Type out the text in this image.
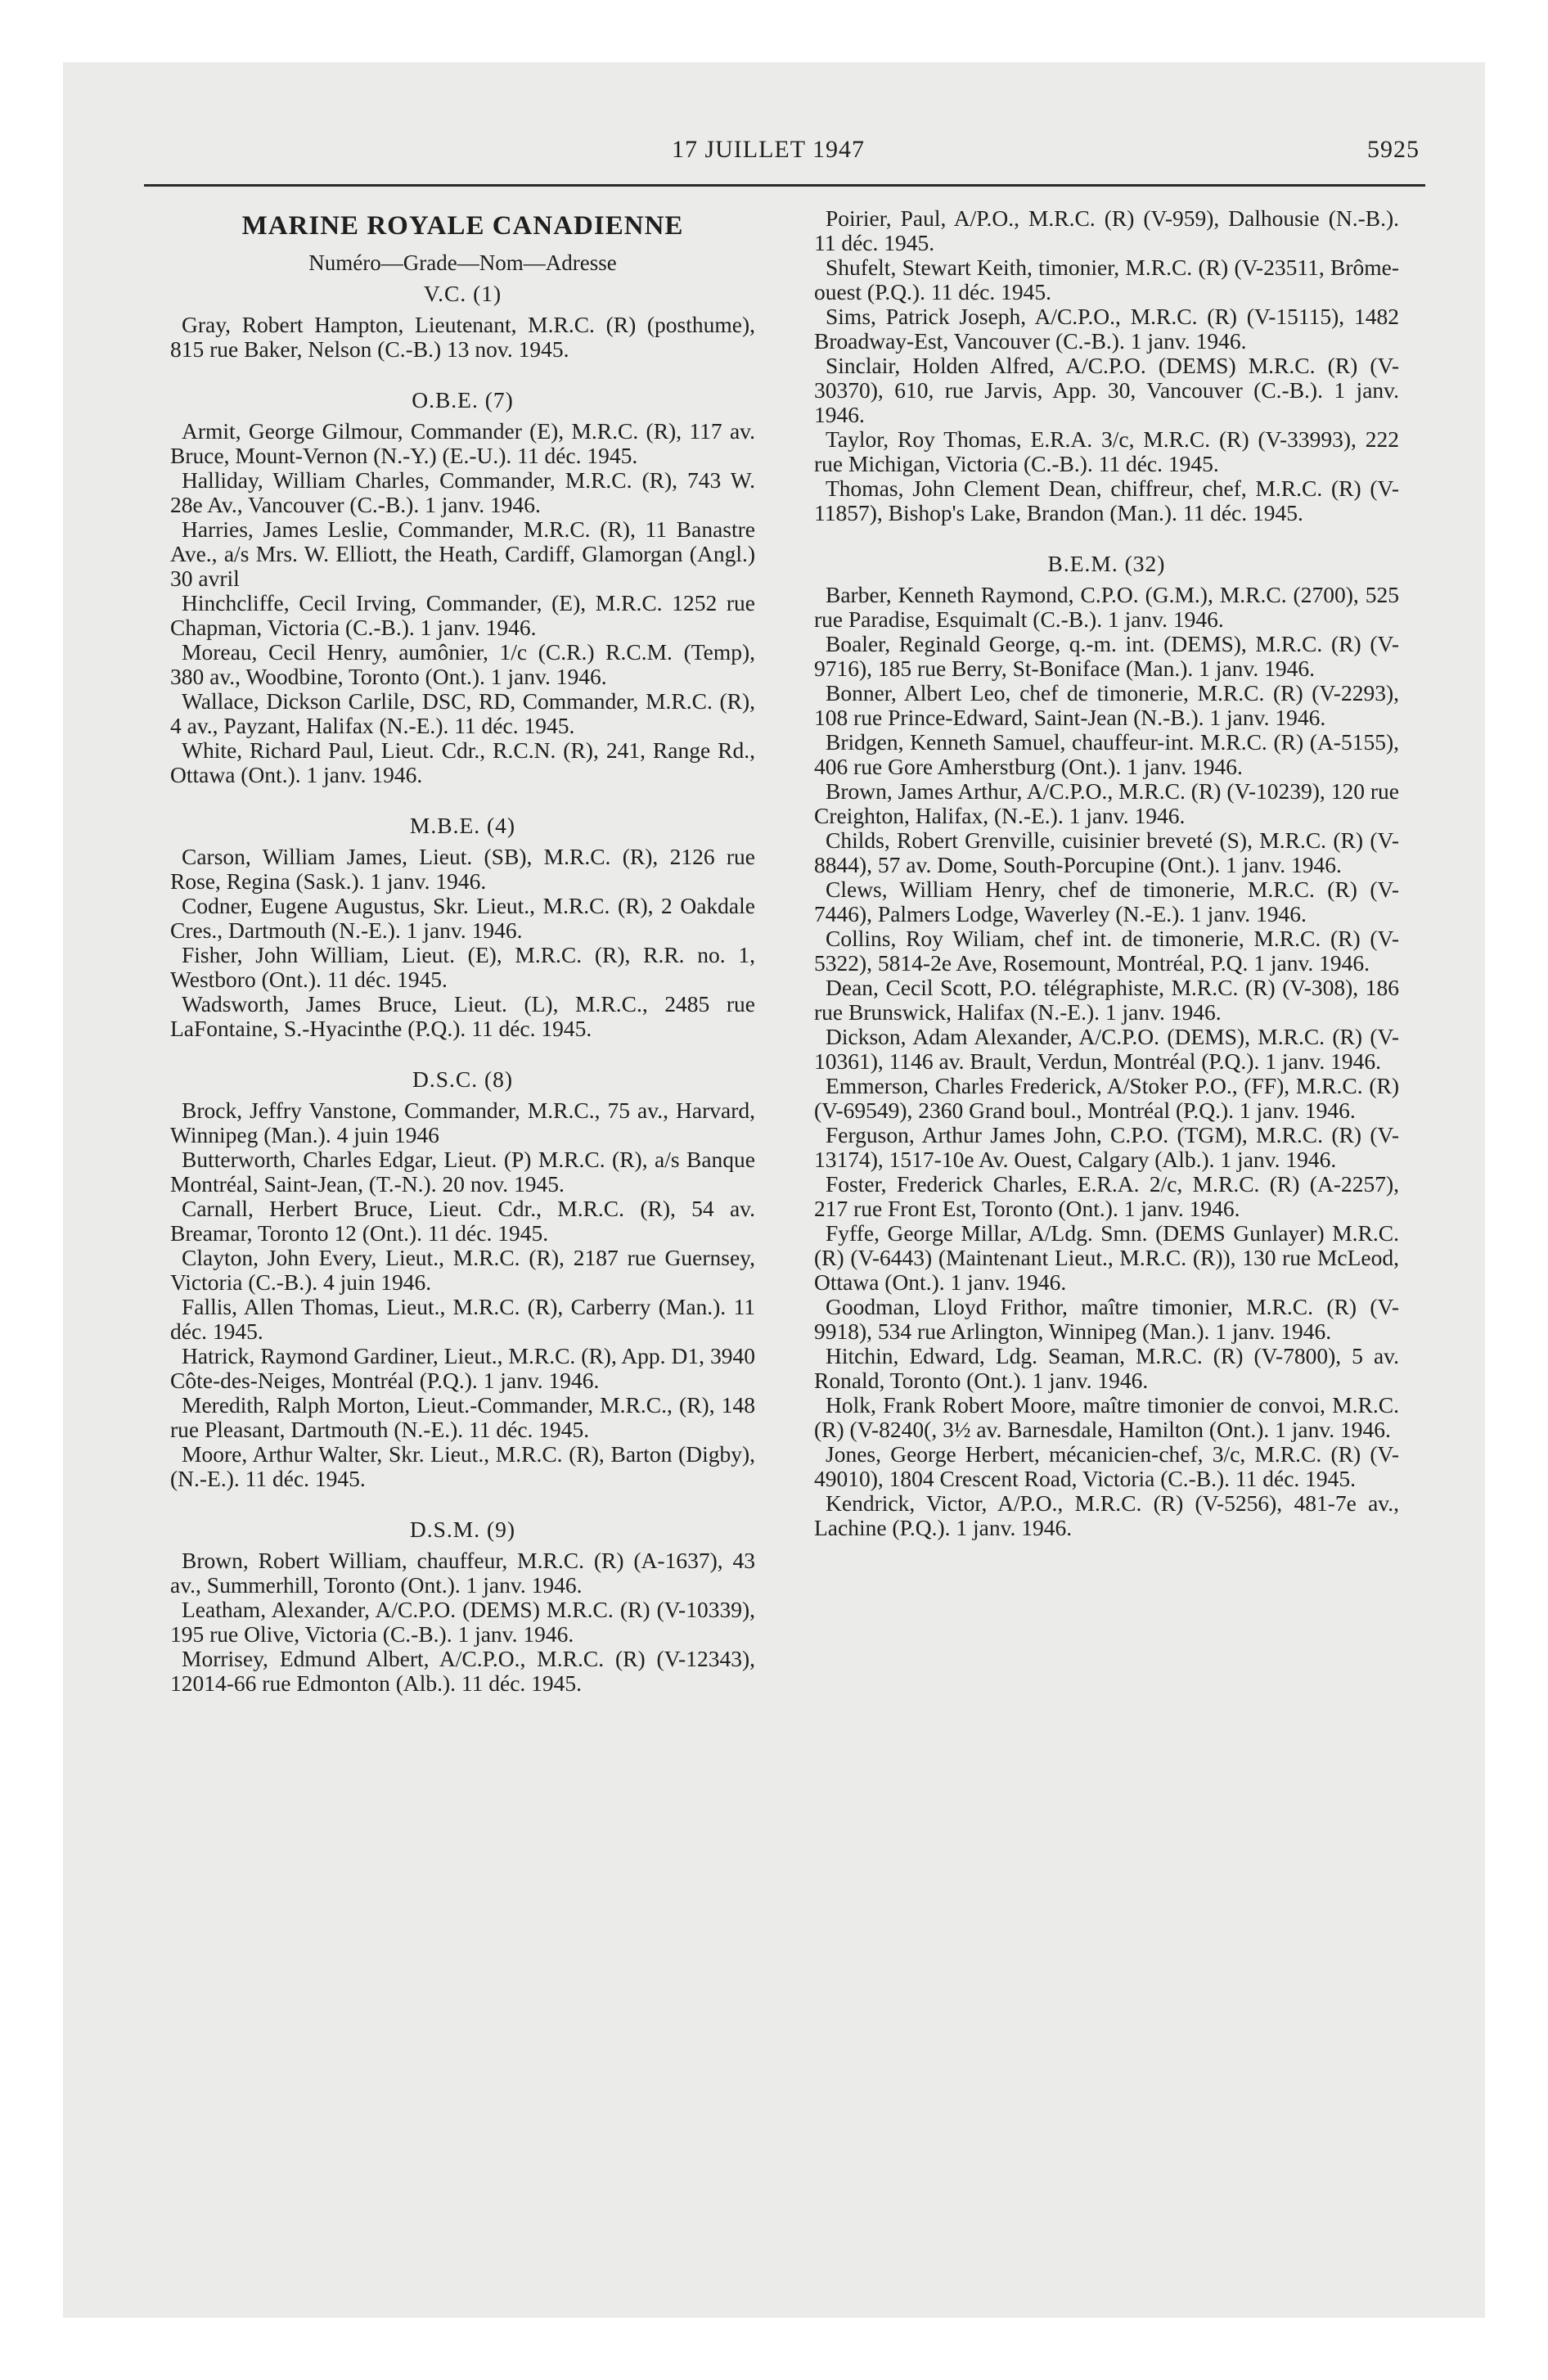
17 JUILLET 1947	5925
MARINE ROYALE CANADIENNE
Numéro—Grade—Nom—Adresse
V.C. (1)

Gray, Robert Hampton, Lieutenant, M.R.C. (R) (posthume), 815 rue Baker, Nelson (C.-B.) 13 nov. 1945.

O.B.E. (7)

Armit, George Gilmour, Commander (E), M.R.C. (R), 117 av. Bruce, Mount-Vernon (N.-Y.) (E.-U.). 11 déc. 1945.

Halliday, William Charles, Commander, M.R.C. (R), 743 W. 28e Av., Vancouver (C.-B.). 1 janv. 1946.

Harries, James Leslie, Commander, M.R.C. (R), 11 Banastre Ave., a/s Mrs. W. Elliott, the Heath, Cardiff, Glamorgan (Angl.) 30 avril

Hinchcliffe, Cecil Irving, Commander, (E), M.R.C. 1252 rue Chapman, Victoria (C.-B.). 1 janv. 1946.

Moreau, Cecil Henry, aumônier, 1/c (C.R.) R.C.M. (Temp), 380 av., Woodbine, Toronto (Ont.). 1 janv. 1946.

Wallace, Dickson Carlile, DSC, RD, Commander, M.R.C. (R), 4 av., Payzant, Halifax (N.-E.). 11 déc. 1945.

White, Richard Paul, Lieut. Cdr., R.C.N. (R), 241, Range Rd., Ottawa (Ont.). 1 janv. 1946.

M.B.E. (4)

Carson, William James, Lieut. (SB), M.R.C. (R), 2126 rue Rose, Regina (Sask.). 1 janv. 1946.

Codner, Eugene Augustus, Skr. Lieut., M.R.C. (R), 2 Oakdale Cres., Dartmouth (N.-E.). 1 janv. 1946.

Fisher, John William, Lieut. (E), M.R.C. (R), R.R. no. 1, Westboro (Ont.). 11 déc. 1945.

Wadsworth, James Bruce, Lieut. (L), M.R.C., 2485 rue LaFontaine, S.-Hyacinthe (P.Q.). 11 déc. 1945.

D.S.C. (8)

Brock, Jeffry Vanstone, Commander, M.R.C., 75 av., Harvard, Winnipeg (Man.). 4 juin 1946

Butterworth, Charles Edgar, Lieut. (P) M.R.C. (R), a/s Banque Montréal, Saint-Jean, (T.-N.). 20 nov. 1945.

Carnall, Herbert Bruce, Lieut. Cdr., M.R.C. (R), 54 av. Breamar, Toronto 12 (Ont.). 11 déc. 1945.

Clayton, John Every, Lieut., M.R.C. (R), 2187 rue Guernsey, Victoria (C.-B.). 4 juin 1946.

Fallis, Allen Thomas, Lieut., M.R.C. (R), Carberry (Man.). 11 déc. 1945.

Hatrick, Raymond Gardiner, Lieut., M.R.C. (R), App. D1, 3940 Côte-des-Neiges, Montréal (P.Q.). 1 janv. 1946.

Meredith, Ralph Morton, Lieut.-Commander, M.R.C., (R), 148 rue Pleasant, Dartmouth (N.-E.). 11 déc. 1945.

Moore, Arthur Walter, Skr. Lieut., M.R.C. (R), Barton (Digby), (N.-E.). 11 déc. 1945.

D.S.M. (9)

Brown, Robert William, chauffeur, M.R.C. (R) (A-1637), 43 av., Summerhill, Toronto (Ont.). 1 janv. 1946.

Leatham, Alexander, A/C.P.O. (DEMS) M.R.C. (R) (V-10339), 195 rue Olive, Victoria (C.-B.). 1 janv. 1946.

Morrisey, Edmund Albert, A/C.P.O., M.R.C. (R) (V-12343), 12014-66 rue Edmonton (Alb.). 11 déc. 1945.

Poirier, Paul, A/P.O., M.R.C. (R) (V-959), Dalhousie (N.-B.). 11 déc. 1945.

Shufelt, Stewart Keith, timonier, M.R.C. (R) (V-23511, Brôme-ouest (P.Q.). 11 déc. 1945.

Sims, Patrick Joseph, A/C.P.O., M.R.C. (R) (V-15115), 1482 Broadway-Est, Vancouver (C.-B.). 1 janv. 1946.

Sinclair, Holden Alfred, A/C.P.O. (DEMS) M.R.C. (R) (V-30370), 610, rue Jarvis, App. 30, Vancouver (C.-B.). 1 janv. 1946.

Taylor, Roy Thomas, E.R.A. 3/c, M.R.C. (R) (V-33993), 222 rue Michigan, Victoria (C.-B.). 11 déc. 1945.

Thomas, John Clement Dean, chiffreur, chef, M.R.C. (R) (V-11857), Bishop's Lake, Brandon (Man.). 11 déc. 1945.

B.E.M. (32)

Barber, Kenneth Raymond, C.P.O. (G.M.), M.R.C. (2700), 525 rue Paradise, Esquimalt (C.-B.). 1 janv. 1946.

Boaler, Reginald George, q.-m. int. (DEMS), M.R.C. (R) (V-9716), 185 rue Berry, St-Boniface (Man.). 1 janv. 1946.

Bonner, Albert Leo, chef de timonerie, M.R.C. (R) (V-2293), 108 rue Prince-Edward, Saint-Jean (N.-B.). 1 janv. 1946.

Bridgen, Kenneth Samuel, chauffeur-int. M.R.C. (R) (A-5155), 406 rue Gore Amherstburg (Ont.). 1 janv. 1946.

Brown, James Arthur, A/C.P.O., M.R.C. (R) (V-10239), 120 rue Creighton, Halifax, (N.-E.). 1 janv. 1946.

Childs, Robert Grenville, cuisinier breveté (S), M.R.C. (R) (V-8844), 57 av. Dome, South-Porcupine (Ont.). 1 janv. 1946.

Clews, William Henry, chef de timonerie, M.R.C. (R) (V-7446), Palmers Lodge, Waverley (N.-E.). 1 janv. 1946.

Collins, Roy Wiliam, chef int. de timonerie, M.R.C. (R) (V-5322), 5814-2e Ave, Rosemount, Montréal, P.Q. 1 janv. 1946.

Dean, Cecil Scott, P.O. télégraphiste, M.R.C. (R) (V-308), 186 rue Brunswick, Halifax (N.-E.). 1 janv. 1946.

Dickson, Adam Alexander, A/C.P.O. (DEMS), M.R.C. (R) (V-10361), 1146 av. Brault, Verdun, Montréal (P.Q.). 1 janv. 1946.

Emmerson, Charles Frederick, A/Stoker P.O., (FF), M.R.C. (R) (V-69549), 2360 Grand boul., Montréal (P.Q.). 1 janv. 1946.

Ferguson, Arthur James John, C.P.O. (TGM), M.R.C. (R) (V-13174), 1517-10e Av. Ouest, Calgary (Alb.). 1 janv. 1946.

Foster, Frederick Charles, E.R.A. 2/c, M.R.C. (R) (A-2257), 217 rue Front Est, Toronto (Ont.). 1 janv. 1946.

Fyffe, George Millar, A/Ldg. Smn. (DEMS Gunlayer) M.R.C. (R) (V-6443) (Maintenant Lieut., M.R.C. (R)), 130 rue McLeod, Ottawa (Ont.). 1 janv. 1946.

Goodman, Lloyd Frithor, maître timonier, M.R.C. (R) (V-9918), 534 rue Arlington, Winnipeg (Man.). 1 janv. 1946.

Hitchin, Edward, Ldg. Seaman, M.R.C. (R) (V-7800), 5 av. Ronald, Toronto (Ont.). 1 janv. 1946.

Holk, Frank Robert Moore, maître timonier de convoi, M.R.C. (R) (V-8240(, 3½ av. Barnesdale, Hamilton (Ont.). 1 janv. 1946.

Jones, George Herbert, mécanicien-chef, 3/c, M.R.C. (R) (V-49010), 1804 Crescent Road, Victoria (C.-B.). 11 déc. 1945.

Kendrick, Victor, A/P.O., M.R.C. (R) (V-5256), 481-7e av., Lachine (P.Q.). 1 janv. 1946.
